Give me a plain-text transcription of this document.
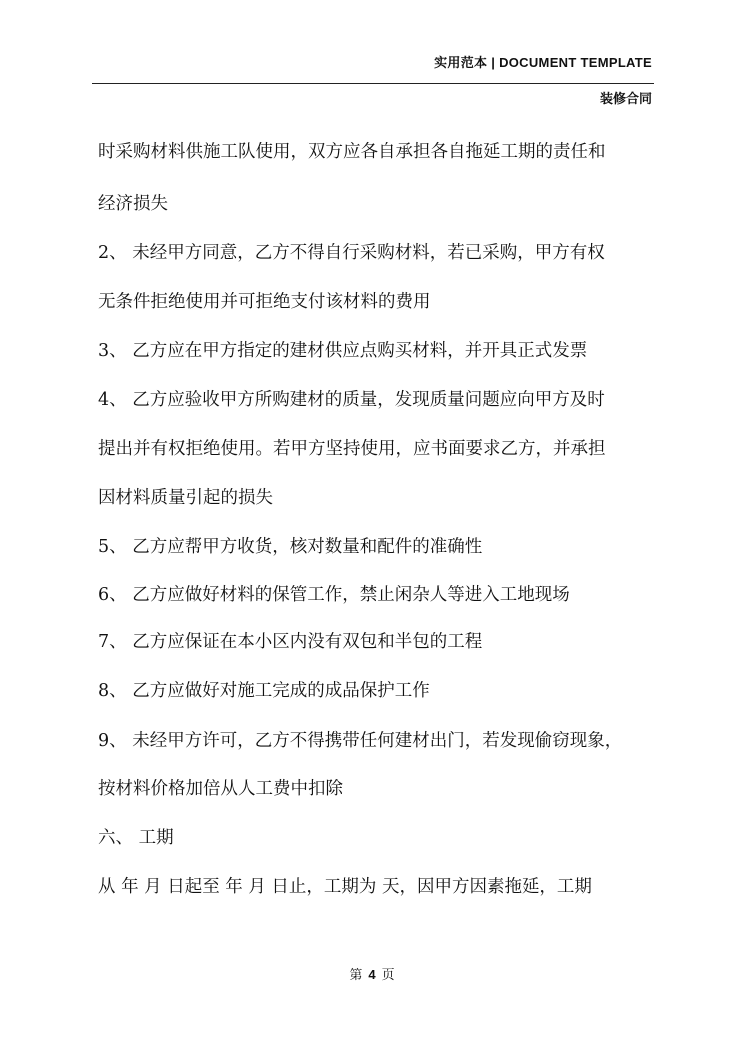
实用范本 | DOCUMENT TEMPLATE
装修合同
时采购材料供施工队使用，双方应各自承担各自拖延工期的责任和
经济损失
2、 未经甲方同意，乙方不得自行采购材料，若已采购，甲方有权
无条件拒绝使用并可拒绝支付该材料的费用
3、 乙方应在甲方指定的建材供应点购买材料，并开具正式发票
4、 乙方应验收甲方所购建材的质量，发现质量问题应向甲方及时
提出并有权拒绝使用。若甲方坚持使用，应书面要求乙方，并承担
因材料质量引起的损失
5、 乙方应帮甲方收货，核对数量和配件的准确性
6、 乙方应做好材料的保管工作，禁止闲杂人等进入工地现场
7、 乙方应保证在本小区内没有双包和半包的工程
8、 乙方应做好对施工完成的成品保护工作
9、 未经甲方许可，乙方不得携带任何建材出门，若发现偷窃现象，
按材料价格加倍从人工费中扣除
六、 工期
从 年 月 日起至 年 月 日止，工期为 天，因甲方因素拖延，工期
第 4 页
